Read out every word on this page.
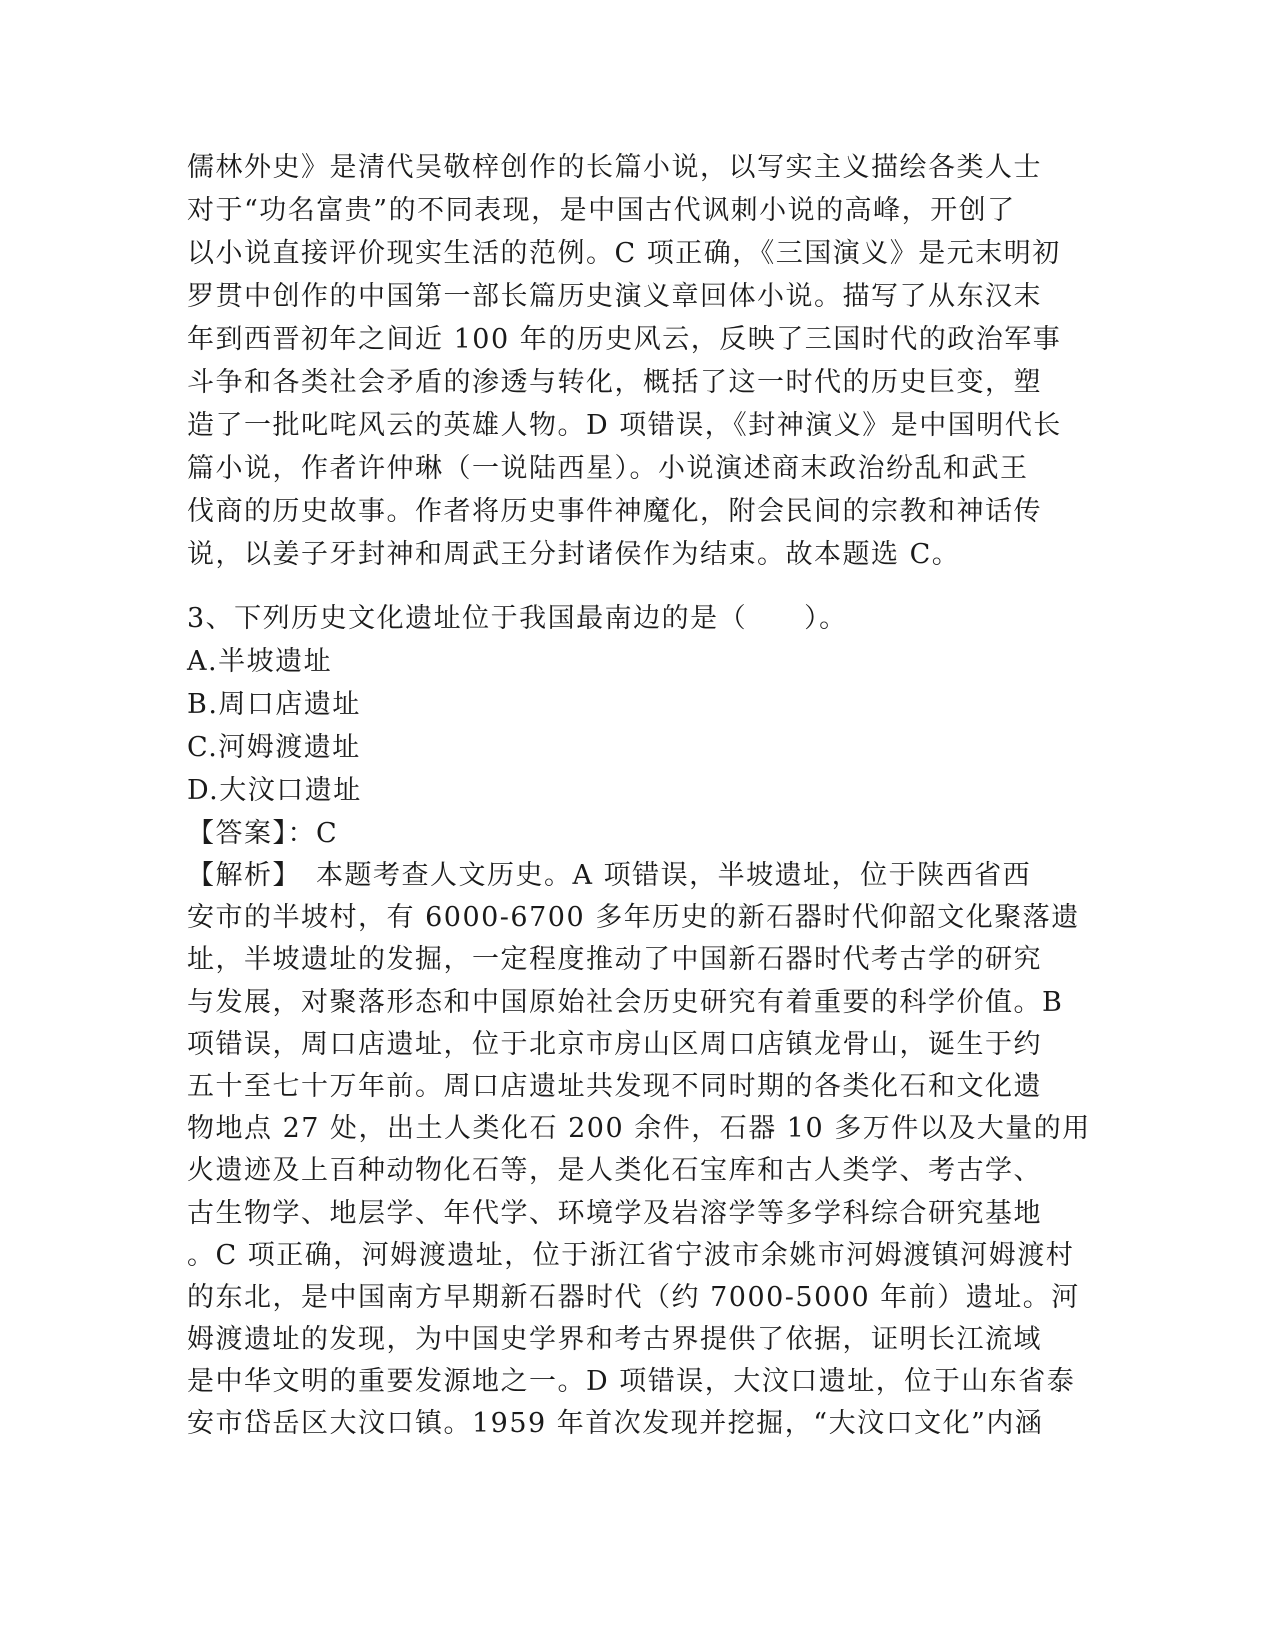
儒林外史》是清代吴敬梓创作的长篇小说，以写实主义描绘各类人士
对于“功名富贵”的不同表现，是中国古代讽刺小说的高峰，开创了
以小说直接评价现实生活的范例。C 项正确，《三国演义》是元末明初
罗贯中创作的中国第一部长篇历史演义章回体小说。描写了从东汉末
年到西晋初年之间近 100 年的历史风云，反映了三国时代的政治军事
斗争和各类社会矛盾的渗透与转化，概括了这一时代的历史巨变，塑
造了一批叱咤风云的英雄人物。D 项错误，《封神演义》是中国明代长
篇小说，作者许仲琳（一说陆西星）。小说演述商末政治纷乱和武王
伐商的历史故事。作者将历史事件神魔化，附会民间的宗教和神话传
说，以姜子牙封神和周武王分封诸侯作为结束。故本题选 C。
3、下列历史文化遗址位于我国最南边的是（　　）。
A.半坡遗址
B.周口店遗址
C.河姆渡遗址
D.大汶口遗址
【答案】：C
【解析】　本题考查人文历史。A 项错误，半坡遗址，位于陕西省西
安市的半坡村，有 6000-6700 多年历史的新石器时代仰韶文化聚落遗
址，半坡遗址的发掘，一定程度推动了中国新石器时代考古学的研究
与发展，对聚落形态和中国原始社会历史研究有着重要的科学价值。B
项错误，周口店遗址，位于北京市房山区周口店镇龙骨山，诞生于约
五十至七十万年前。周口店遗址共发现不同时期的各类化石和文化遗
物地点 27 处，出土人类化石 200 余件，石器 10 多万件以及大量的用
火遗迹及上百种动物化石等，是人类化石宝库和古人类学、考古学、
古生物学、地层学、年代学、环境学及岩溶学等多学科综合研究基地
。C 项正确，河姆渡遗址，位于浙江省宁波市余姚市河姆渡镇河姆渡村
的东北，是中国南方早期新石器时代（约 7000-5000 年前）遗址。河
姆渡遗址的发现，为中国史学界和考古界提供了依据，证明长江流域
是中华文明的重要发源地之一。D 项错误，大汶口遗址，位于山东省泰
安市岱岳区大汶口镇。1959 年首次发现并挖掘，“大汶口文化”内涵
